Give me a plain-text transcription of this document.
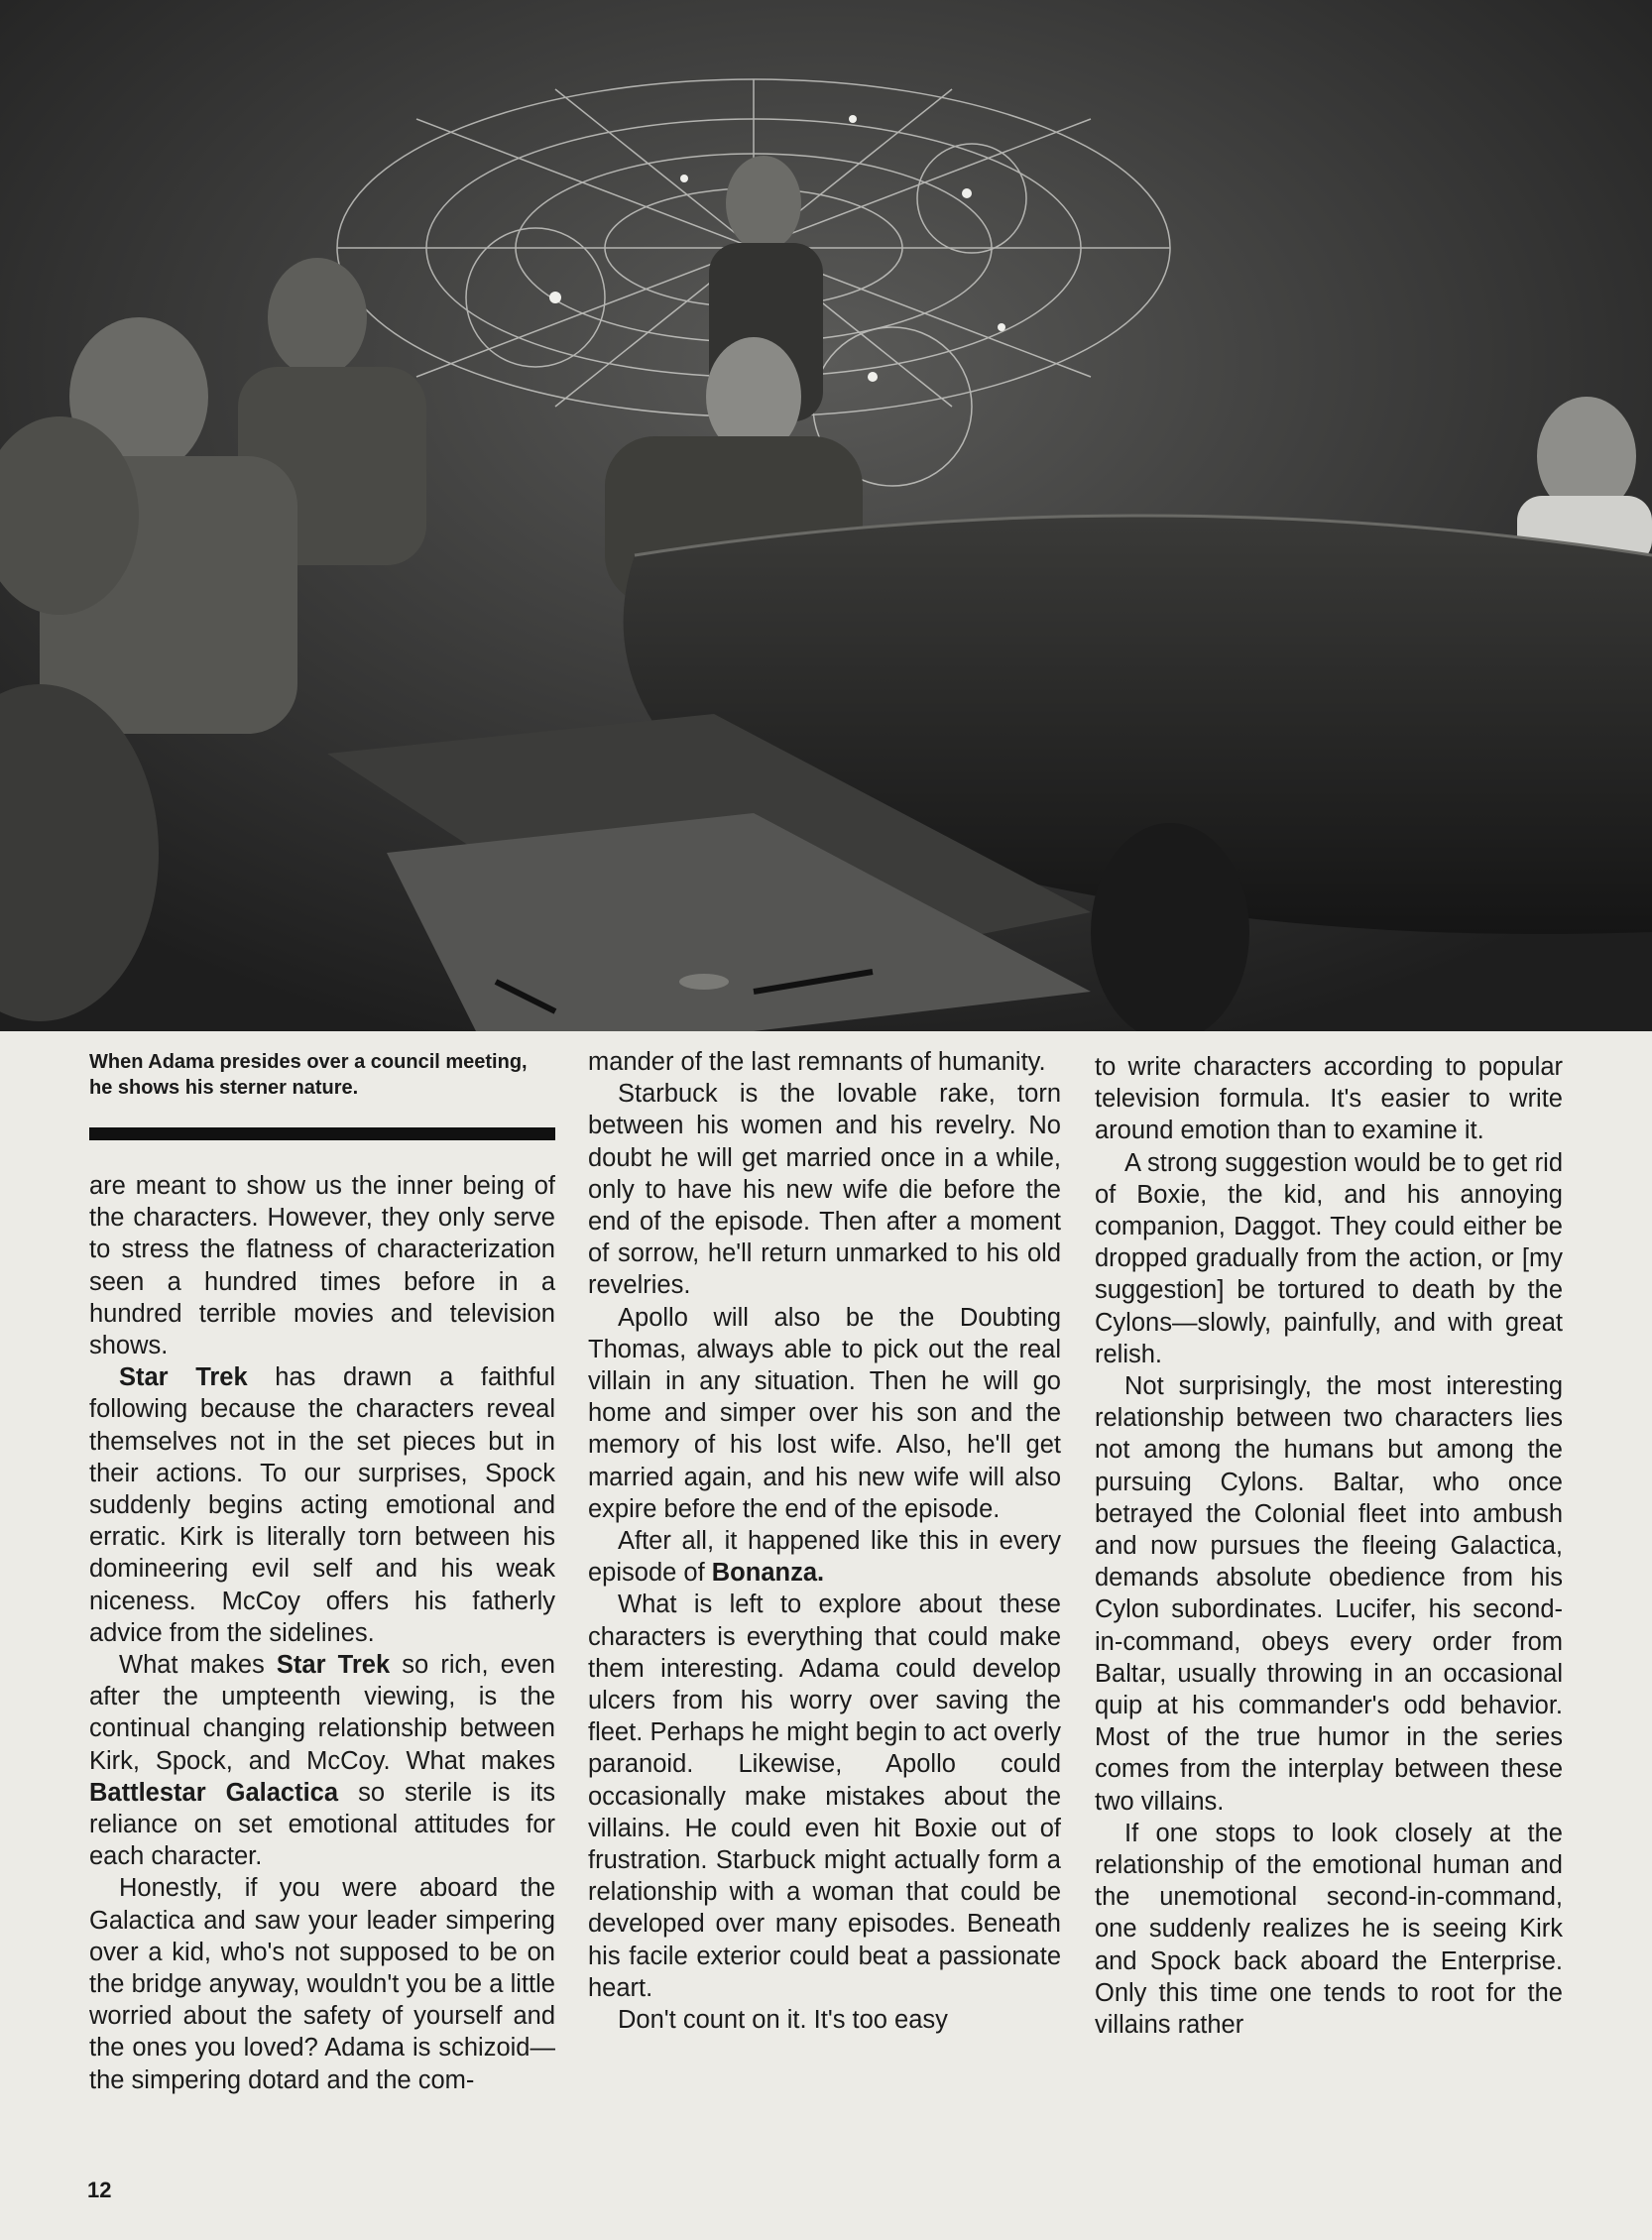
When Adama presides over a council meeting, he shows his sterner nature.

are meant to show us the inner being of the characters. However, they only serve to stress the flatness of characterization seen a hundred times before in a hundred terrible movies and television shows.

Star Trek has drawn a faithful following because the characters reveal themselves not in the set pieces but in their actions. To our surprises, Spock suddenly begins acting emotional and erratic. Kirk is literally torn between his domineering evil self and his weak niceness. McCoy offers his fatherly advice from the sidelines.

What makes Star Trek so rich, even after the umpteenth viewing, is the continual changing relationship between Kirk, Spock, and McCoy. What makes Battlestar Galactica so sterile is its reliance on set emotional attitudes for each character.

Honestly, if you were aboard the Galactica and saw your leader simpering over a kid, who's not supposed to be on the bridge anyway, wouldn't you be a little worried about the safety of yourself and the ones you loved? Adama is schizoid—the simpering dotard and the com-

mander of the last remnants of humanity.

Starbuck is the lovable rake, torn between his women and his revelry. No doubt he will get married once in a while, only to have his new wife die before the end of the episode. Then after a moment of sorrow, he'll return unmarked to his old revelries.

Apollo will also be the Doubting Thomas, always able to pick out the real villain in any situation. Then he will go home and simper over his son and the memory of his lost wife. Also, he'll get married again, and his new wife will also expire before the end of the episode.

After all, it happened like this in every episode of Bonanza.

What is left to explore about these characters is everything that could make them interesting. Adama could develop ulcers from his worry over saving the fleet. Perhaps he might begin to act overly paranoid. Likewise, Apollo could occasionally make mistakes about the villains. He could even hit Boxie out of frustration. Starbuck might actually form a relationship with a woman that could be developed over many episodes. Beneath his facile exterior could beat a passionate heart.

Don't count on it. It's too easy

to write characters according to popular television formula. It's easier to write around emotion than to examine it.

A strong suggestion would be to get rid of Boxie, the kid, and his annoying companion, Daggot. They could either be dropped gradually from the action, or [my suggestion] be tortured to death by the Cylons—slowly, painfully, and with great relish.

Not surprisingly, the most interesting relationship between two characters lies not among the humans but among the pursuing Cylons. Baltar, who once betrayed the Colonial fleet into ambush and now pursues the fleeing Galactica, demands absolute obedience from his Cylon subordinates. Lucifer, his second-in-command, obeys every order from Baltar, usually throwing in an occasional quip at his commander's odd behavior. Most of the true humor in the series comes from the interplay between these two villains.

If one stops to look closely at the relationship of the emotional human and the unemotional second-in-command, one suddenly realizes he is seeing Kirk and Spock back aboard the Enterprise. Only this time one tends to root for the villains rather

12
